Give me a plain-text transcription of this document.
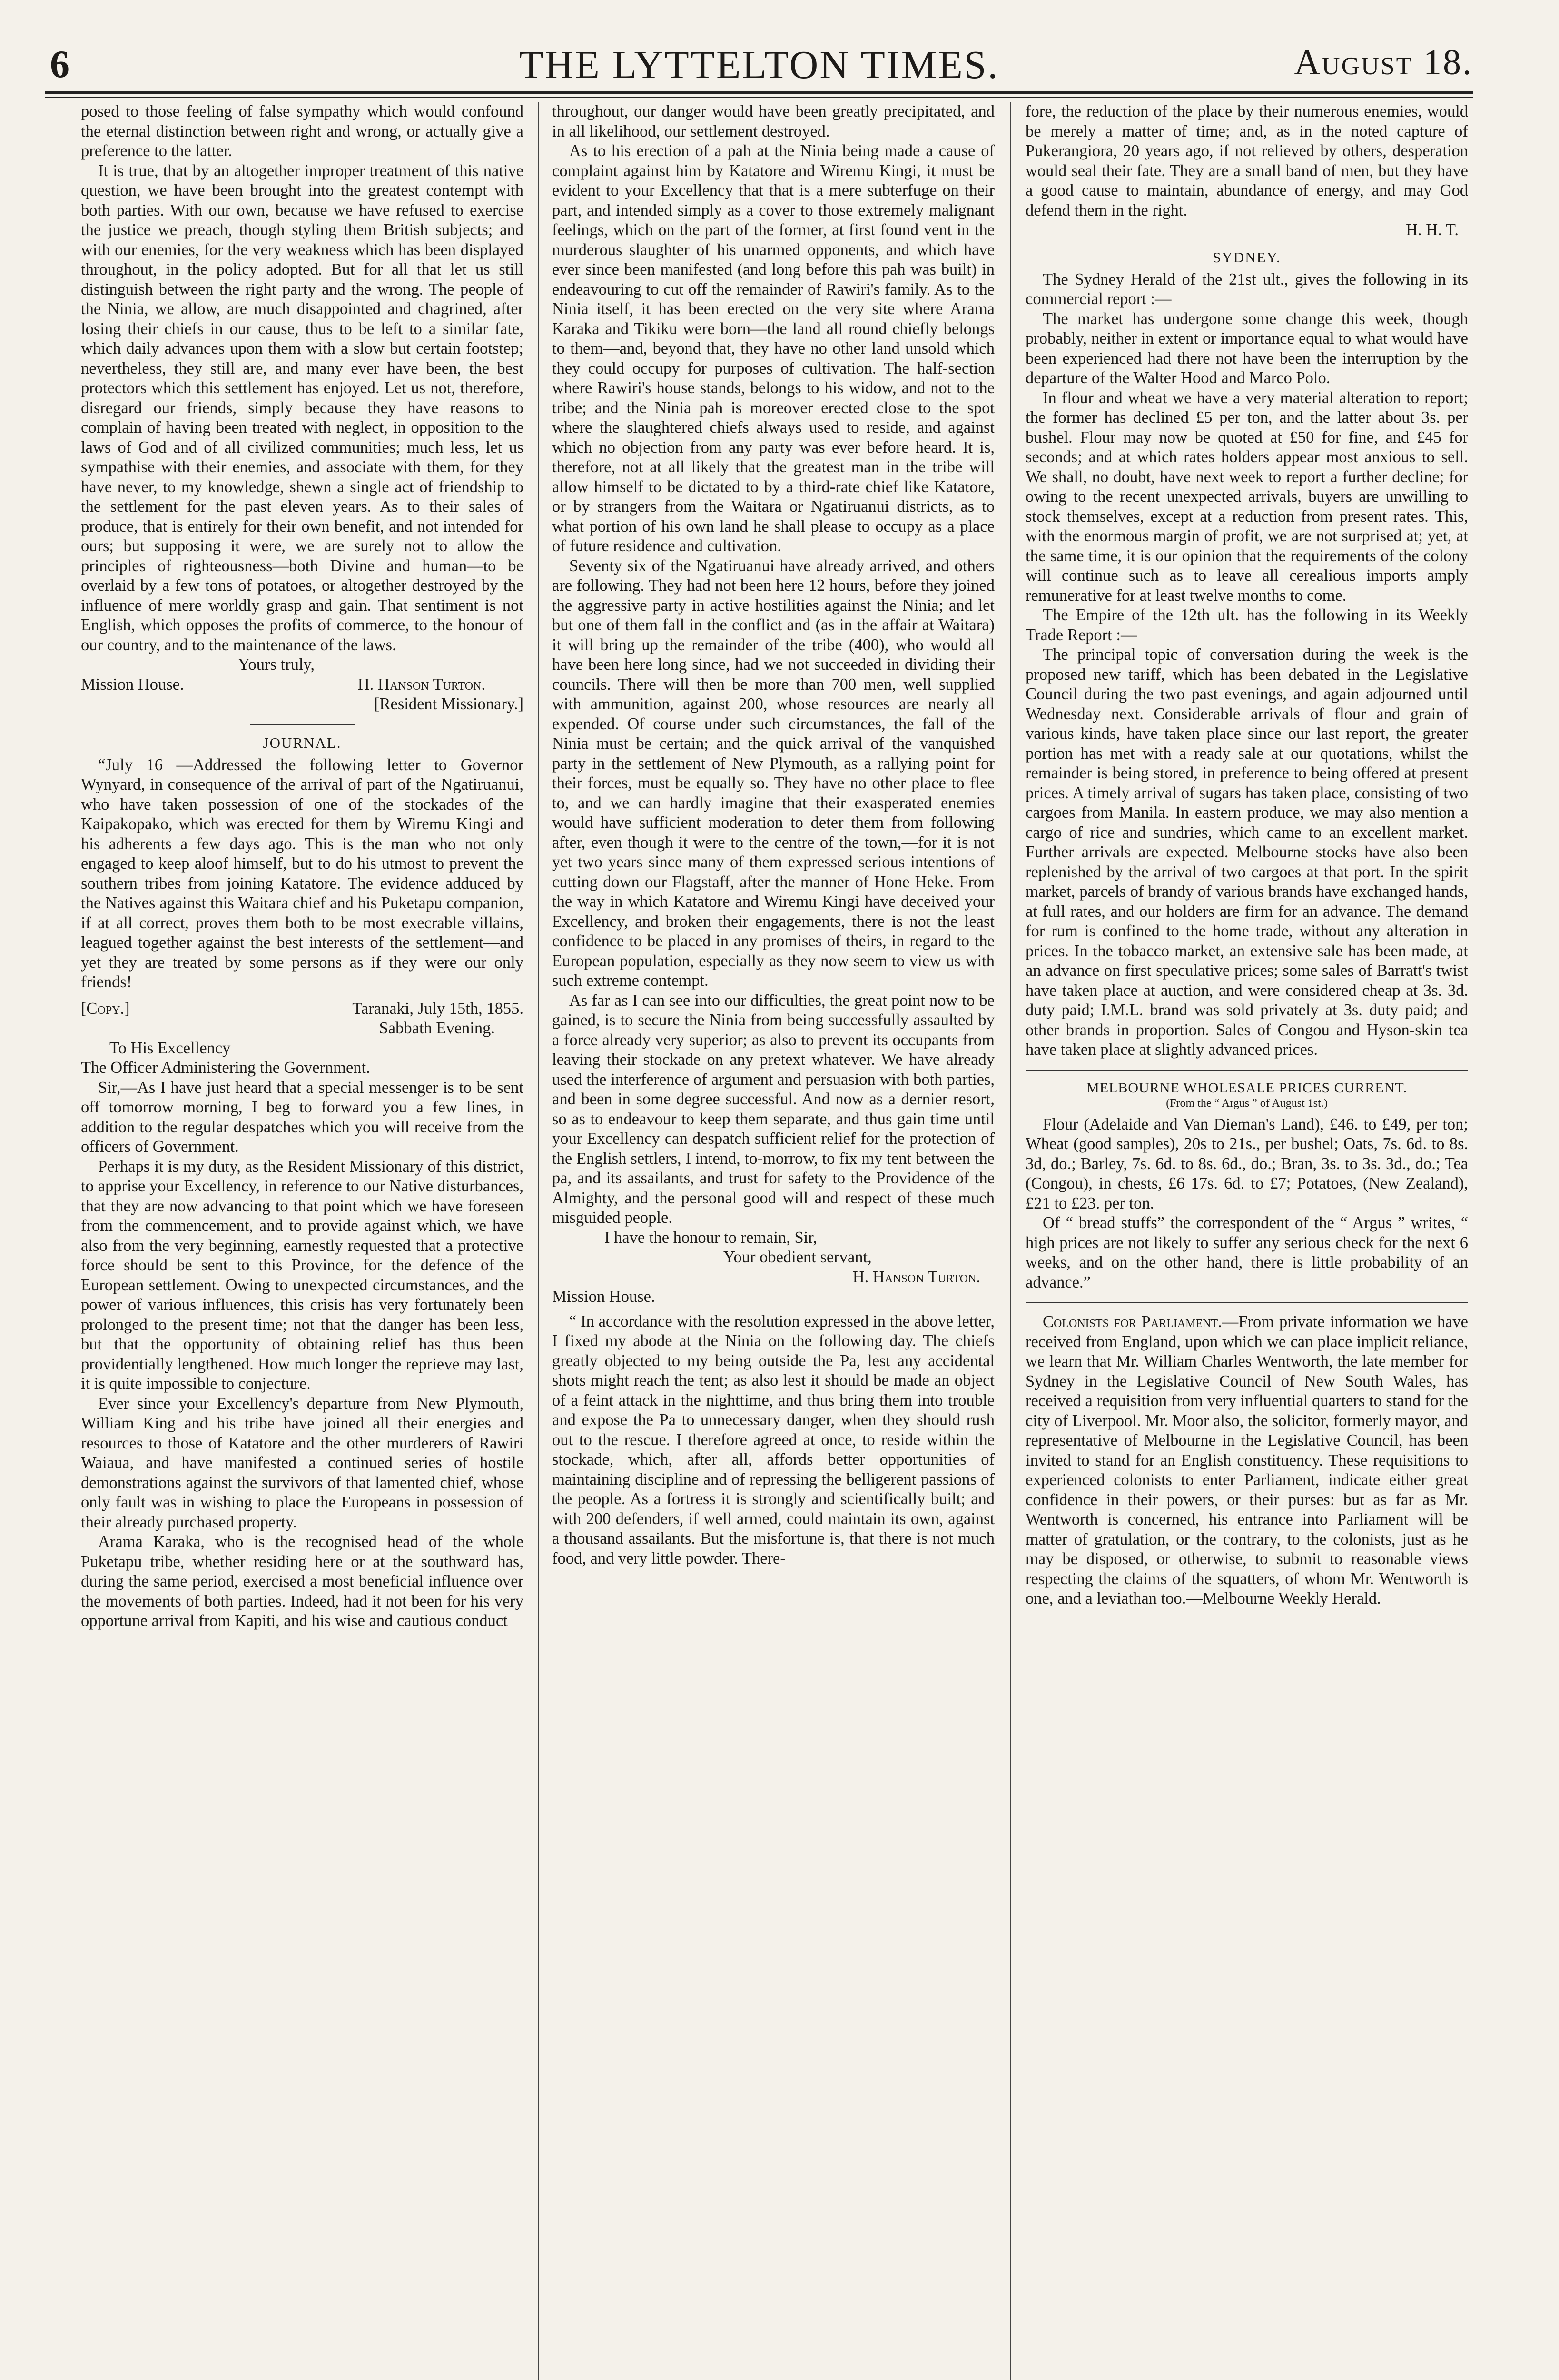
6	THE LYTTELTON TIMES.	August 18.

posed to those feeling of false sympathy which would confound the eternal distinction between right and wrong, or actually give a preference to the latter.

It is true, that by an altogether improper treatment of this native question, we have been brought into the greatest contempt with both parties. With our own, because we have refused to exercise the justice we preach, though styling them British subjects; and with our enemies, for the very weakness which has been displayed throughout, in the policy adopted. But for all that let us still distinguish between the right party and the wrong. The people of the Ninia, we allow, are much disappointed and chagrined, after losing their chiefs in our cause, thus to be left to a similar fate, which daily advances upon them with a slow but certain footstep; nevertheless, they still are, and many ever have been, the best protectors which this settlement has enjoyed. Let us not, therefore, disregard our friends, simply because they have reasons to complain of having been treated with neglect, in opposition to the laws of God and of all civilized communities; much less, let us sympathise with their enemies, and associate with them, for they have never, to my knowledge, shewn a single act of friendship to the settlement for the past eleven years. As to their sales of produce, that is entirely for their own benefit, and not intended for ours; but supposing it were, we are surely not to allow the principles of righteousness—both Divine and human—to be overlaid by a few tons of potatoes, or altogether destroyed by the influence of mere worldly grasp and gain. That sentiment is not English, which opposes the profits of commerce, to the honour of our country, and to the maintenance of the laws.

Yours truly,
Mission House.	H. Hanson Turton.
[Resident Missionary.]
JOURNAL.

“July 16 —Addressed the following letter to Governor Wynyard, in consequence of the arrival of part of the Ngatiruanui, who have taken possession of one of the stockades of the Kaipakopako, which was erected for them by Wiremu Kingi and his adherents a few days ago. This is the man who not only engaged to keep aloof himself, but to do his utmost to prevent the southern tribes from joining Katatore. The evidence adduced by the Natives against this Waitara chief and his Puketapu companion, if at all correct, proves them both to be most execrable villains, leagued together against the best interests of the settlement—and yet they are treated by some persons as if they were our only friends!

[Copy.]	Taranaki, July 15th, 1855.
Sabbath Evening.
To His Excellency
The Officer Administering the Government.

Sir,—As I have just heard that a special messenger is to be sent off tomorrow morning, I beg to forward you a few lines, in addition to the regular despatches which you will receive from the officers of Government.

Perhaps it is my duty, as the Resident Missionary of this district, to apprise your Excellency, in reference to our Native disturbances, that they are now advancing to that point which we have foreseen from the commencement, and to provide against which, we have also from the very beginning, earnestly requested that a protective force should be sent to this Province, for the defence of the European settlement. Owing to unexpected circumstances, and the power of various influences, this crisis has very fortunately been prolonged to the present time; not that the danger has been less, but that the opportunity of obtaining relief has thus been providentially lengthened. How much longer the reprieve may last, it is quite impossible to conjecture.

Ever since your Excellency's departure from New Plymouth, William King and his tribe have joined all their energies and resources to those of Katatore and the other murderers of Rawiri Waiaua, and have manifested a continued series of hostile demonstrations against the survivors of that lamented chief, whose only fault was in wishing to place the Europeans in possession of their already purchased property.

Arama Karaka, who is the recognised head of the whole Puketapu tribe, whether residing here or at the southward has, during the same period, exercised a most beneficial influence over the movements of both parties. Indeed, had it not been for his very opportune arrival from Kapiti, and his wise and cautious conduct

throughout, our danger would have been greatly precipitated, and in all likelihood, our settlement destroyed.

As to his erection of a pah at the Ninia being made a cause of complaint against him by Katatore and Wiremu Kingi, it must be evident to your Excellency that that is a mere subterfuge on their part, and intended simply as a cover to those extremely malignant feelings, which on the part of the former, at first found vent in the murderous slaughter of his unarmed opponents, and which have ever since been manifested (and long before this pah was built) in endeavouring to cut off the remainder of Rawiri's family. As to the Ninia itself, it has been erected on the very site where Arama Karaka and Tikiku were born—the land all round chiefly belongs to them—and, beyond that, they have no other land unsold which they could occupy for purposes of cultivation. The half-section where Rawiri's house stands, belongs to his widow, and not to the tribe; and the Ninia pah is moreover erected close to the spot where the slaughtered chiefs always used to reside, and against which no objection from any party was ever before heard. It is, therefore, not at all likely that the greatest man in the tribe will allow himself to be dictated to by a third-rate chief like Katatore, or by strangers from the Waitara or Ngatiruanui districts, as to what portion of his own land he shall please to occupy as a place of future residence and cultivation.

Seventy six of the Ngatiruanui have already arrived, and others are following. They had not been here 12 hours, before they joined the aggressive party in active hostilities against the Ninia; and let but one of them fall in the conflict and (as in the affair at Waitara) it will bring up the remainder of the tribe (400), who would all have been here long since, had we not succeeded in dividing their councils. There will then be more than 700 men, well supplied with ammunition, against 200, whose resources are nearly all expended. Of course under such circumstances, the fall of the Ninia must be certain; and the quick arrival of the vanquished party in the settlement of New Plymouth, as a rallying point for their forces, must be equally so. They have no other place to flee to, and we can hardly imagine that their exasperated enemies would have sufficient moderation to deter them from following after, even though it were to the centre of the town,—for it is not yet two years since many of them expressed serious intentions of cutting down our Flagstaff, after the manner of Hone Heke. From the way in which Katatore and Wiremu Kingi have deceived your Excellency, and broken their engagements, there is not the least confidence to be placed in any promises of theirs, in regard to the European population, especially as they now seem to view us with such extreme contempt.

As far as I can see into our difficulties, the great point now to be gained, is to secure the Ninia from being successfully assaulted by a force already very superior; as also to prevent its occupants from leaving their stockade on any pretext whatever. We have already used the interference of argument and persuasion with both parties, and been in some degree successful. And now as a dernier resort, so as to endeavour to keep them separate, and thus gain time until your Excellency can despatch sufficient relief for the protection of the English settlers, I intend, to-morrow, to fix my tent between the pa, and its assailants, and trust for safety to the Providence of the Almighty, and the personal good will and respect of these much misguided people.

I have the honour to remain, Sir,
Your obedient servant,
H. Hanson Turton.
Mission House.

“ In accordance with the resolution expressed in the above letter, I fixed my abode at the Ninia on the following day. The chiefs greatly objected to my being outside the Pa, lest any accidental shots might reach the tent; as also lest it should be made an object of a feint attack in the nighttime, and thus bring them into trouble and expose the Pa to unnecessary danger, when they should rush out to the rescue. I therefore agreed at once, to reside within the stockade, which, after all, affords better opportunities of maintaining discipline and of repressing the belligerent passions of the people. As a fortress it is strongly and scientifically built; and with 200 defenders, if well armed, could maintain its own, against a thousand assailants. But the misfortune is, that there is not much food, and very little powder. There-

fore, the reduction of the place by their numerous enemies, would be merely a matter of time; and, as in the noted capture of Pukerangiora, 20 years ago, if not relieved by others, desperation would seal their fate. They are a small band of men, but they have a good cause to maintain, abundance of energy, and may God defend them in the right.

H. H. T.
SYDNEY.

The Sydney Herald of the 21st ult., gives the following in its commercial report :—

The market has undergone some change this week, though probably, neither in extent or importance equal to what would have been experienced had there not have been the interruption by the departure of the Walter Hood and Marco Polo.

In flour and wheat we have a very material alteration to report; the former has declined £5 per ton, and the latter about 3s. per bushel. Flour may now be quoted at £50 for fine, and £45 for seconds; and at which rates holders appear most anxious to sell. We shall, no doubt, have next week to report a further decline; for owing to the recent unexpected arrivals, buyers are unwilling to stock themselves, except at a reduction from present rates. This, with the enormous margin of profit, we are not surprised at; yet, at the same time, it is our opinion that the requirements of the colony will continue such as to leave all cerealious imports amply remunerative for at least twelve months to come.

The Empire of the 12th ult. has the following in its Weekly Trade Report :—

The principal topic of conversation during the week is the proposed new tariff, which has been debated in the Legislative Council during the two past evenings, and again adjourned until Wednesday next. Considerable arrivals of flour and grain of various kinds, have taken place since our last report, the greater portion has met with a ready sale at our quotations, whilst the remainder is being stored, in preference to being offered at present prices. A timely arrival of sugars has taken place, consisting of two cargoes from Manila. In eastern produce, we may also mention a cargo of rice and sundries, which came to an excellent market. Further arrivals are expected. Melbourne stocks have also been replenished by the arrival of two cargoes at that port. In the spirit market, parcels of brandy of various brands have exchanged hands, at full rates, and our holders are firm for an advance. The demand for rum is confined to the home trade, without any alteration in prices. In the tobacco market, an extensive sale has been made, at an advance on first speculative prices; some sales of Barratt's twist have taken place at auction, and were considered cheap at 3s. 3d. duty paid; I.M.L. brand was sold privately at 3s. duty paid; and other brands in proportion. Sales of Congou and Hyson-skin tea have taken place at slightly advanced prices.

MELBOURNE WHOLESALE PRICES CURRENT.
(From the “ Argus ” of August 1st.)

Flour (Adelaide and Van Dieman's Land), £46. to £49, per ton; Wheat (good samples), 20s to 21s., per bushel; Oats, 7s. 6d. to 8s. 3d, do.; Barley, 7s. 6d. to 8s. 6d., do.; Bran, 3s. to 3s. 3d., do.; Tea (Congou), in chests, £6 17s. 6d. to £7; Potatoes, (New Zealand), £21 to £23. per ton.

Of “ bread stuffs” the correspondent of the “ Argus ” writes, “ high prices are not likely to suffer any serious check for the next 6 weeks, and on the other hand, there is little probability of an advance.”

Colonists for Parliament.—From private information we have received from England, upon which we can place implicit reliance, we learn that Mr. William Charles Wentworth, the late member for Sydney in the Legislative Council of New South Wales, has received a requisition from very influential quarters to stand for the city of Liverpool. Mr. Moor also, the solicitor, formerly mayor, and representative of Melbourne in the Legislative Council, has been invited to stand for an English constituency. These requisitions to experienced colonists to enter Parliament, indicate either great confidence in their powers, or their purses: but as far as Mr. Wentworth is concerned, his entrance into Parliament will be matter of gratulation, or the contrary, to the colonists, just as he may be disposed, or otherwise, to submit to reasonable views respecting the claims of the squatters, of whom Mr. Wentworth is one, and a leviathan too.—Melbourne Weekly Herald.
